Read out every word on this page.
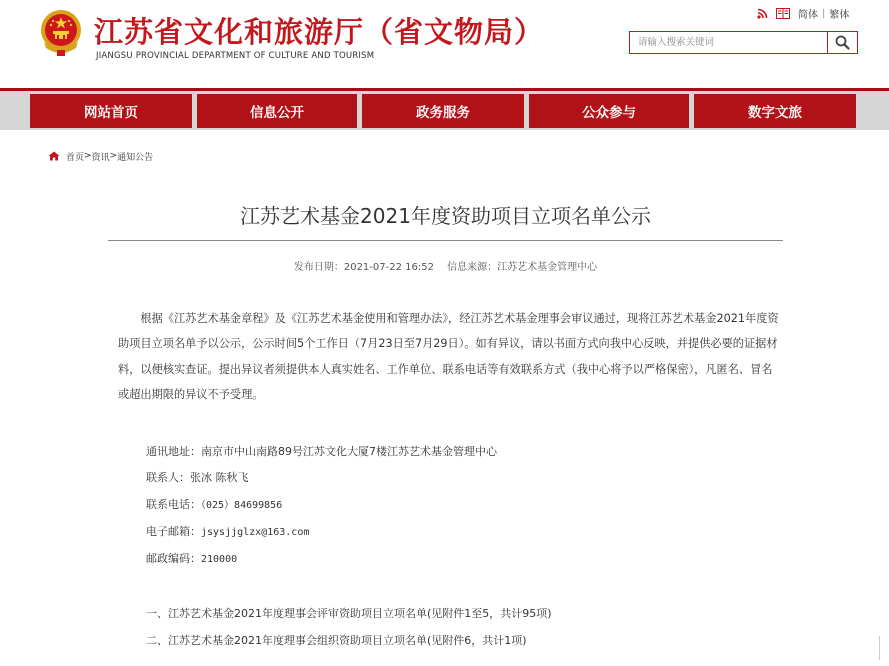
江苏省文化和旅游厅（省文物局）
JIANGSU PROVINCIAL DEPARTMENT OF CULTURE AND TOURISM
简体 | 繁体
请输入搜索关键词
网站首页	信息公开	政务服务	公众参与	数字文旅
首页 > 资讯 > 通知公告
江苏艺术基金2021年度资助项目立项名单公示
发布日期：2021-07-22 16:52 信息来源：江苏艺术基金管理中心

根据《江苏艺术基金章程》及《江苏艺术基金使用和管理办法》，经江苏艺术基金理事会审议通过，现将江苏艺术基金2021年度资助项目立项名单予以公示，公示时间5个工作日（7月23日至7月29日）。如有异议，请以书面方式向我中心反映，并提供必要的证据材料，以便核实查证。提出异议者须提供本人真实姓名、工作单位、联系电话等有效联系方式（我中心将予以严格保密），凡匿名、冒名或超出期限的异议不予受理。

通讯地址：南京市中山南路89号江苏文化大厦7楼江苏艺术基金管理中心
联系人：张冰 陈秋飞
联系电话：（025）84699856
电子邮箱：jsysjjglzx@163.com
邮政编码：210000
一、江苏艺术基金2021年度理事会评审资助项目立项名单(见附件1至5，共计95项)
二、江苏艺术基金2021年度理事会组织资助项目立项名单(见附件6，共计1项)
